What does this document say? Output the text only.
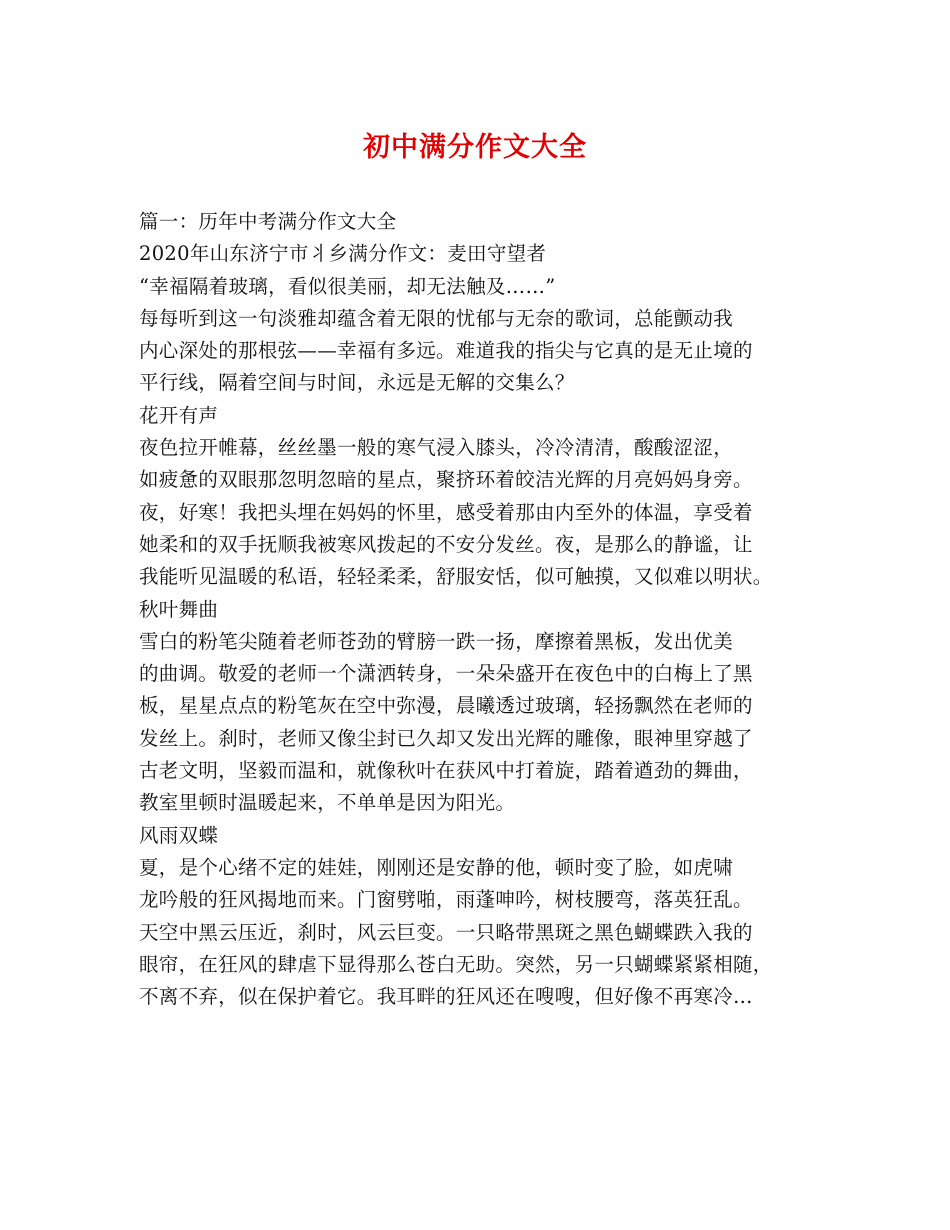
初中满分作文大全
篇一：历年中考满分作文大全
2020年山东济宁市丬乡满分作文：麦田守望者
“幸福隔着玻璃，看似很美丽，却无法触及……”
每每听到这一句淡雅却蕴含着无限的忧郁与无奈的歌词，总能颤动我
内心深处的那根弦——幸福有多远。难道我的指尖与它真的是无止境的
平行线，隔着空间与时间，永远是无解的交集么？
花开有声
夜色拉开帷幕，丝丝墨一般的寒气浸入膝头，冷冷清清，酸酸涩涩，
如疲惫的双眼那忽明忽暗的星点，聚挤环着皎洁光辉的月亮妈妈身旁。
夜，好寒！我把头埋在妈妈的怀里，感受着那由内至外的体温，享受着
她柔和的双手抚顺我被寒风拨起的不安分发丝。夜，是那么的静谧，让
我能听见温暖的私语，轻轻柔柔，舒服安恬，似可触摸，又似难以明状。
秋叶舞曲
雪白的粉笔尖随着老师苍劲的臂膀一跌一扬，摩擦着黑板，发出优美
的曲调。敬爱的老师一个潇洒转身，一朵朵盛开在夜色中的白梅上了黑
板，星星点点的粉笔灰在空中弥漫，晨曦透过玻璃，轻扬飘然在老师的
发丝上。刹时，老师又像尘封已久却又发出光辉的雕像，眼神里穿越了
古老文明，坚毅而温和，就像秋叶在获风中打着旋，踏着遒劲的舞曲，
教室里顿时温暖起来，不单单是因为阳光。
风雨双蝶
夏，是个心绪不定的娃娃，刚刚还是安静的他，顿时变了脸，如虎啸
龙吟般的狂风揭地而来。门窗劈啪，雨蓬呻吟，树枝腰弯，落英狂乱。
天空中黑云压近，刹时，风云巨变。一只略带黑斑之黑色蝴蝶跌入我的
眼帘，在狂风的肆虐下显得那么苍白无助。突然，另一只蝴蝶紧紧相随，
不离不弃，似在保护着它。我耳畔的狂风还在嗖嗖，但好像不再寒冷…
